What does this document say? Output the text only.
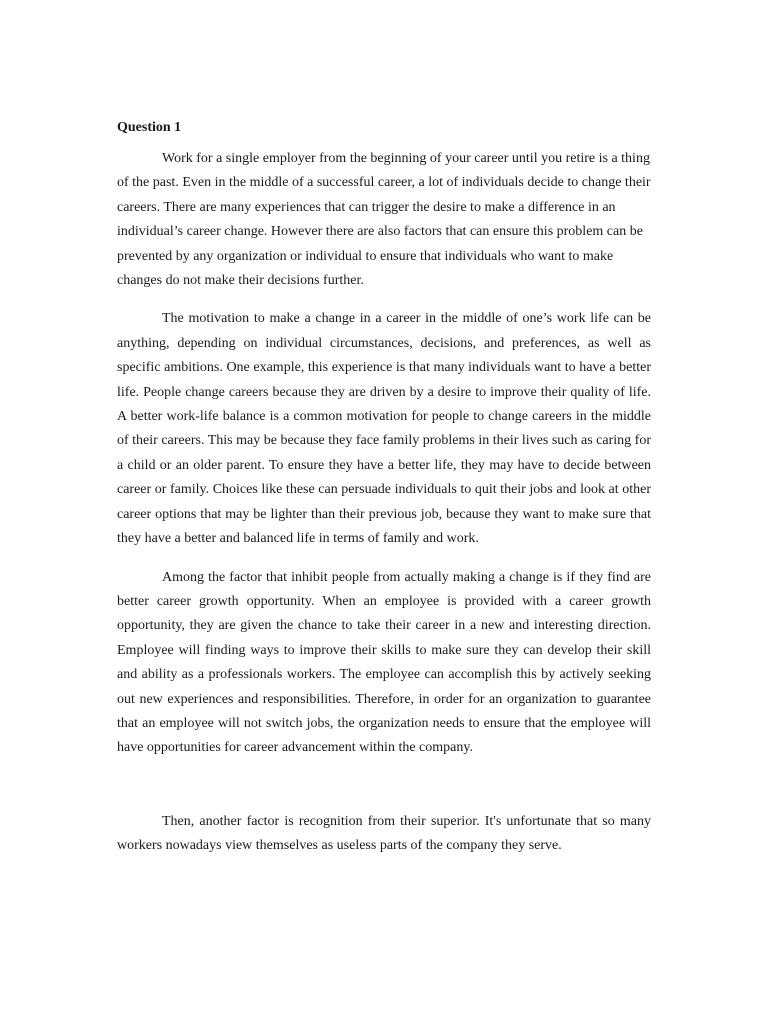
Question 1

Work for a single employer from the beginning of your career until you retire is a thing of the past. Even in the middle of a successful career, a lot of individuals decide to change their careers. There are many experiences that can trigger the desire to make a difference in an individual’s career change. However there are also factors that can ensure this problem can be prevented by any organization or individual to ensure that individuals who want to make changes do not make their decisions further.

The motivation to make a change in a career in the middle of one’s work life can be anything, depending on individual circumstances, decisions, and preferences, as well as specific ambitions. One example, this experience is that many individuals want to have a better life. People change careers because they are driven by a desire to improve their quality of life. A better work-life balance is a common motivation for people to change careers in the middle of their careers. This may be because they face family problems in their lives such as caring for a child or an older parent. To ensure they have a better life, they may have to decide between career or family. Choices like these can persuade individuals to quit their jobs and look at other career options that may be lighter than their previous job, because they want to make sure that they have a better and balanced life in terms of family and work.

Among the factor that inhibit people from actually making a change is if they find are better career growth opportunity. When an employee is provided with a career growth opportunity, they are given the chance to take their career in a new and interesting direction. Employee will finding ways to improve their skills to make sure they can develop their skill and ability as a professionals workers. The employee can accomplish this by actively seeking out new experiences and responsibilities. Therefore, in order for an organization to guarantee that an employee will not switch jobs, the organization needs to ensure that the employee will have opportunities for career advancement within the company.

Then, another factor is recognition from their superior. It's unfortunate that so many workers nowadays view themselves as useless parts of the company they serve.
